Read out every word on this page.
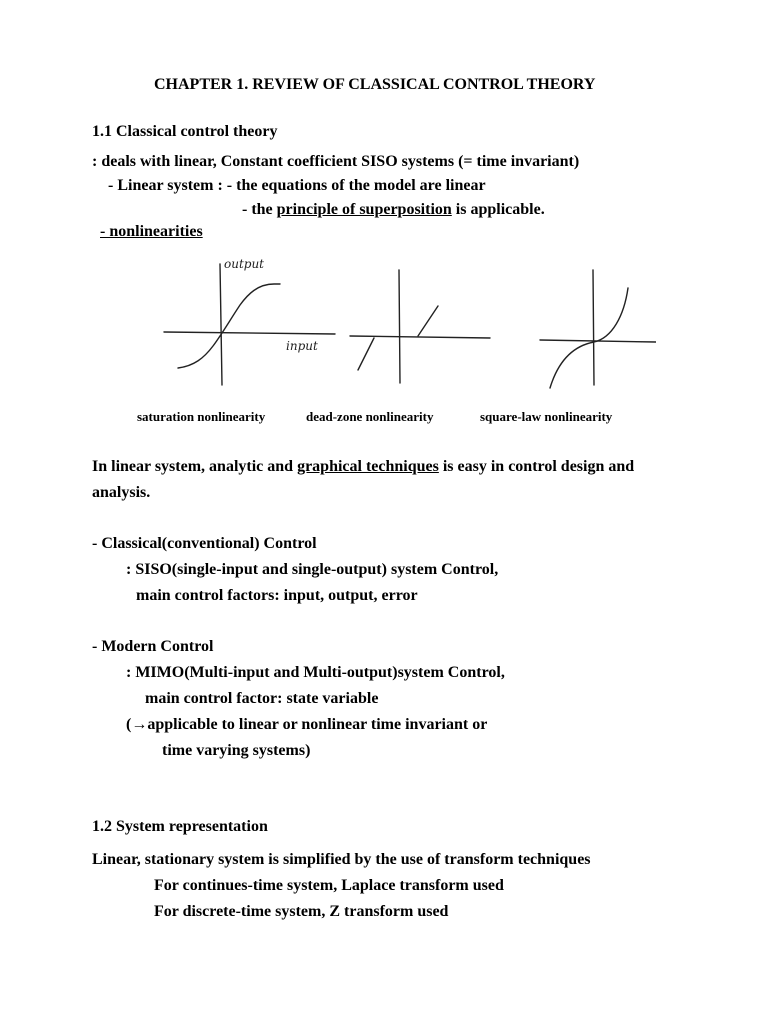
CHAPTER 1. REVIEW OF CLASSICAL CONTROL THEORY
1.1 Classical control theory
: deals with linear, Constant coefficient SISO systems (= time invariant)
- Linear system : - the equations of the model are linear
- the principle of superposition is applicable.
- nonlinearities
output
input
saturation nonlinearity	dead-zone nonlinearity	square-law nonlinearity
In linear system, analytic and graphical techniques is easy in control design and
analysis.
- Classical(conventional) Control
: SISO(single-input and single-output) system Control,
main control factors: input, output, error
- Modern Control
: MIMO(Multi-input and Multi-output)system Control,
main control factor: state variable
(→applicable to linear or nonlinear time invariant or
time varying systems)
1.2 System representation
Linear, stationary system is simplified by the use of transform techniques
For continues-time system, Laplace transform used
For discrete-time system, Z transform used
